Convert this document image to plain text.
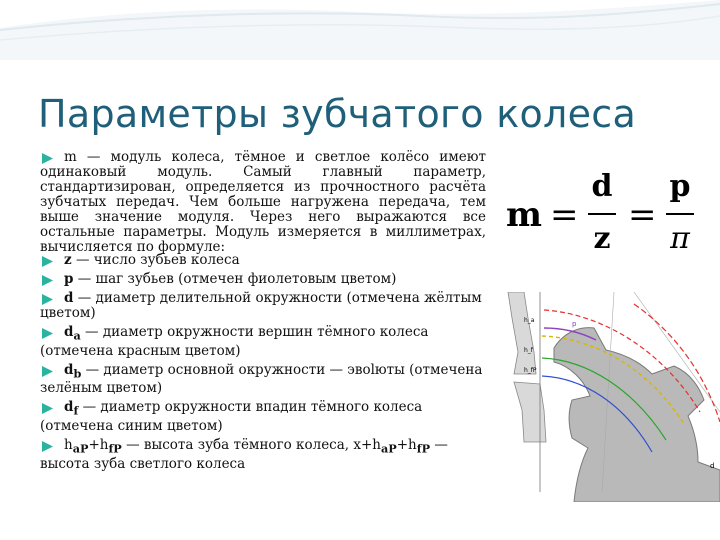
Параметры зубчатого колеса
m — модуль колеса, тёмное и светлое колёсо имеют одинаковый модуль. Самый главный параметр, стандартизирован, определяется из прочностного расчёта зубчатых передач. Чем больше нагружена передача, тем выше значение модуля. Через него выражаются все остальные параметры. Модуль измеряется в миллиметрах, вычисляется по формуле:
z — число зубьев колеса
p — шаг зубьев (отмечен фиолетовым цветом)
d — диаметр делительной окружности (отмечена жёлтым цветом)
$d_a$ — диаметр окружности вершин тёмного колеса (отмечена красным цветом)
$d_b$ — диаметр основной окружности — эвolюты (отмечена зелёным цветом)
$d_f$ — диаметр окружности впадин тёмного колеса (отмечена синим цветом)
$h_{aP}+h_{fP}$ — высота зуба тёмного колеса, $x+h_{aP}+h_{fP}$ — высота зуба светлого колеса
m =
d
z
=
p
π
h_a
h_f
h_fP
p
d
